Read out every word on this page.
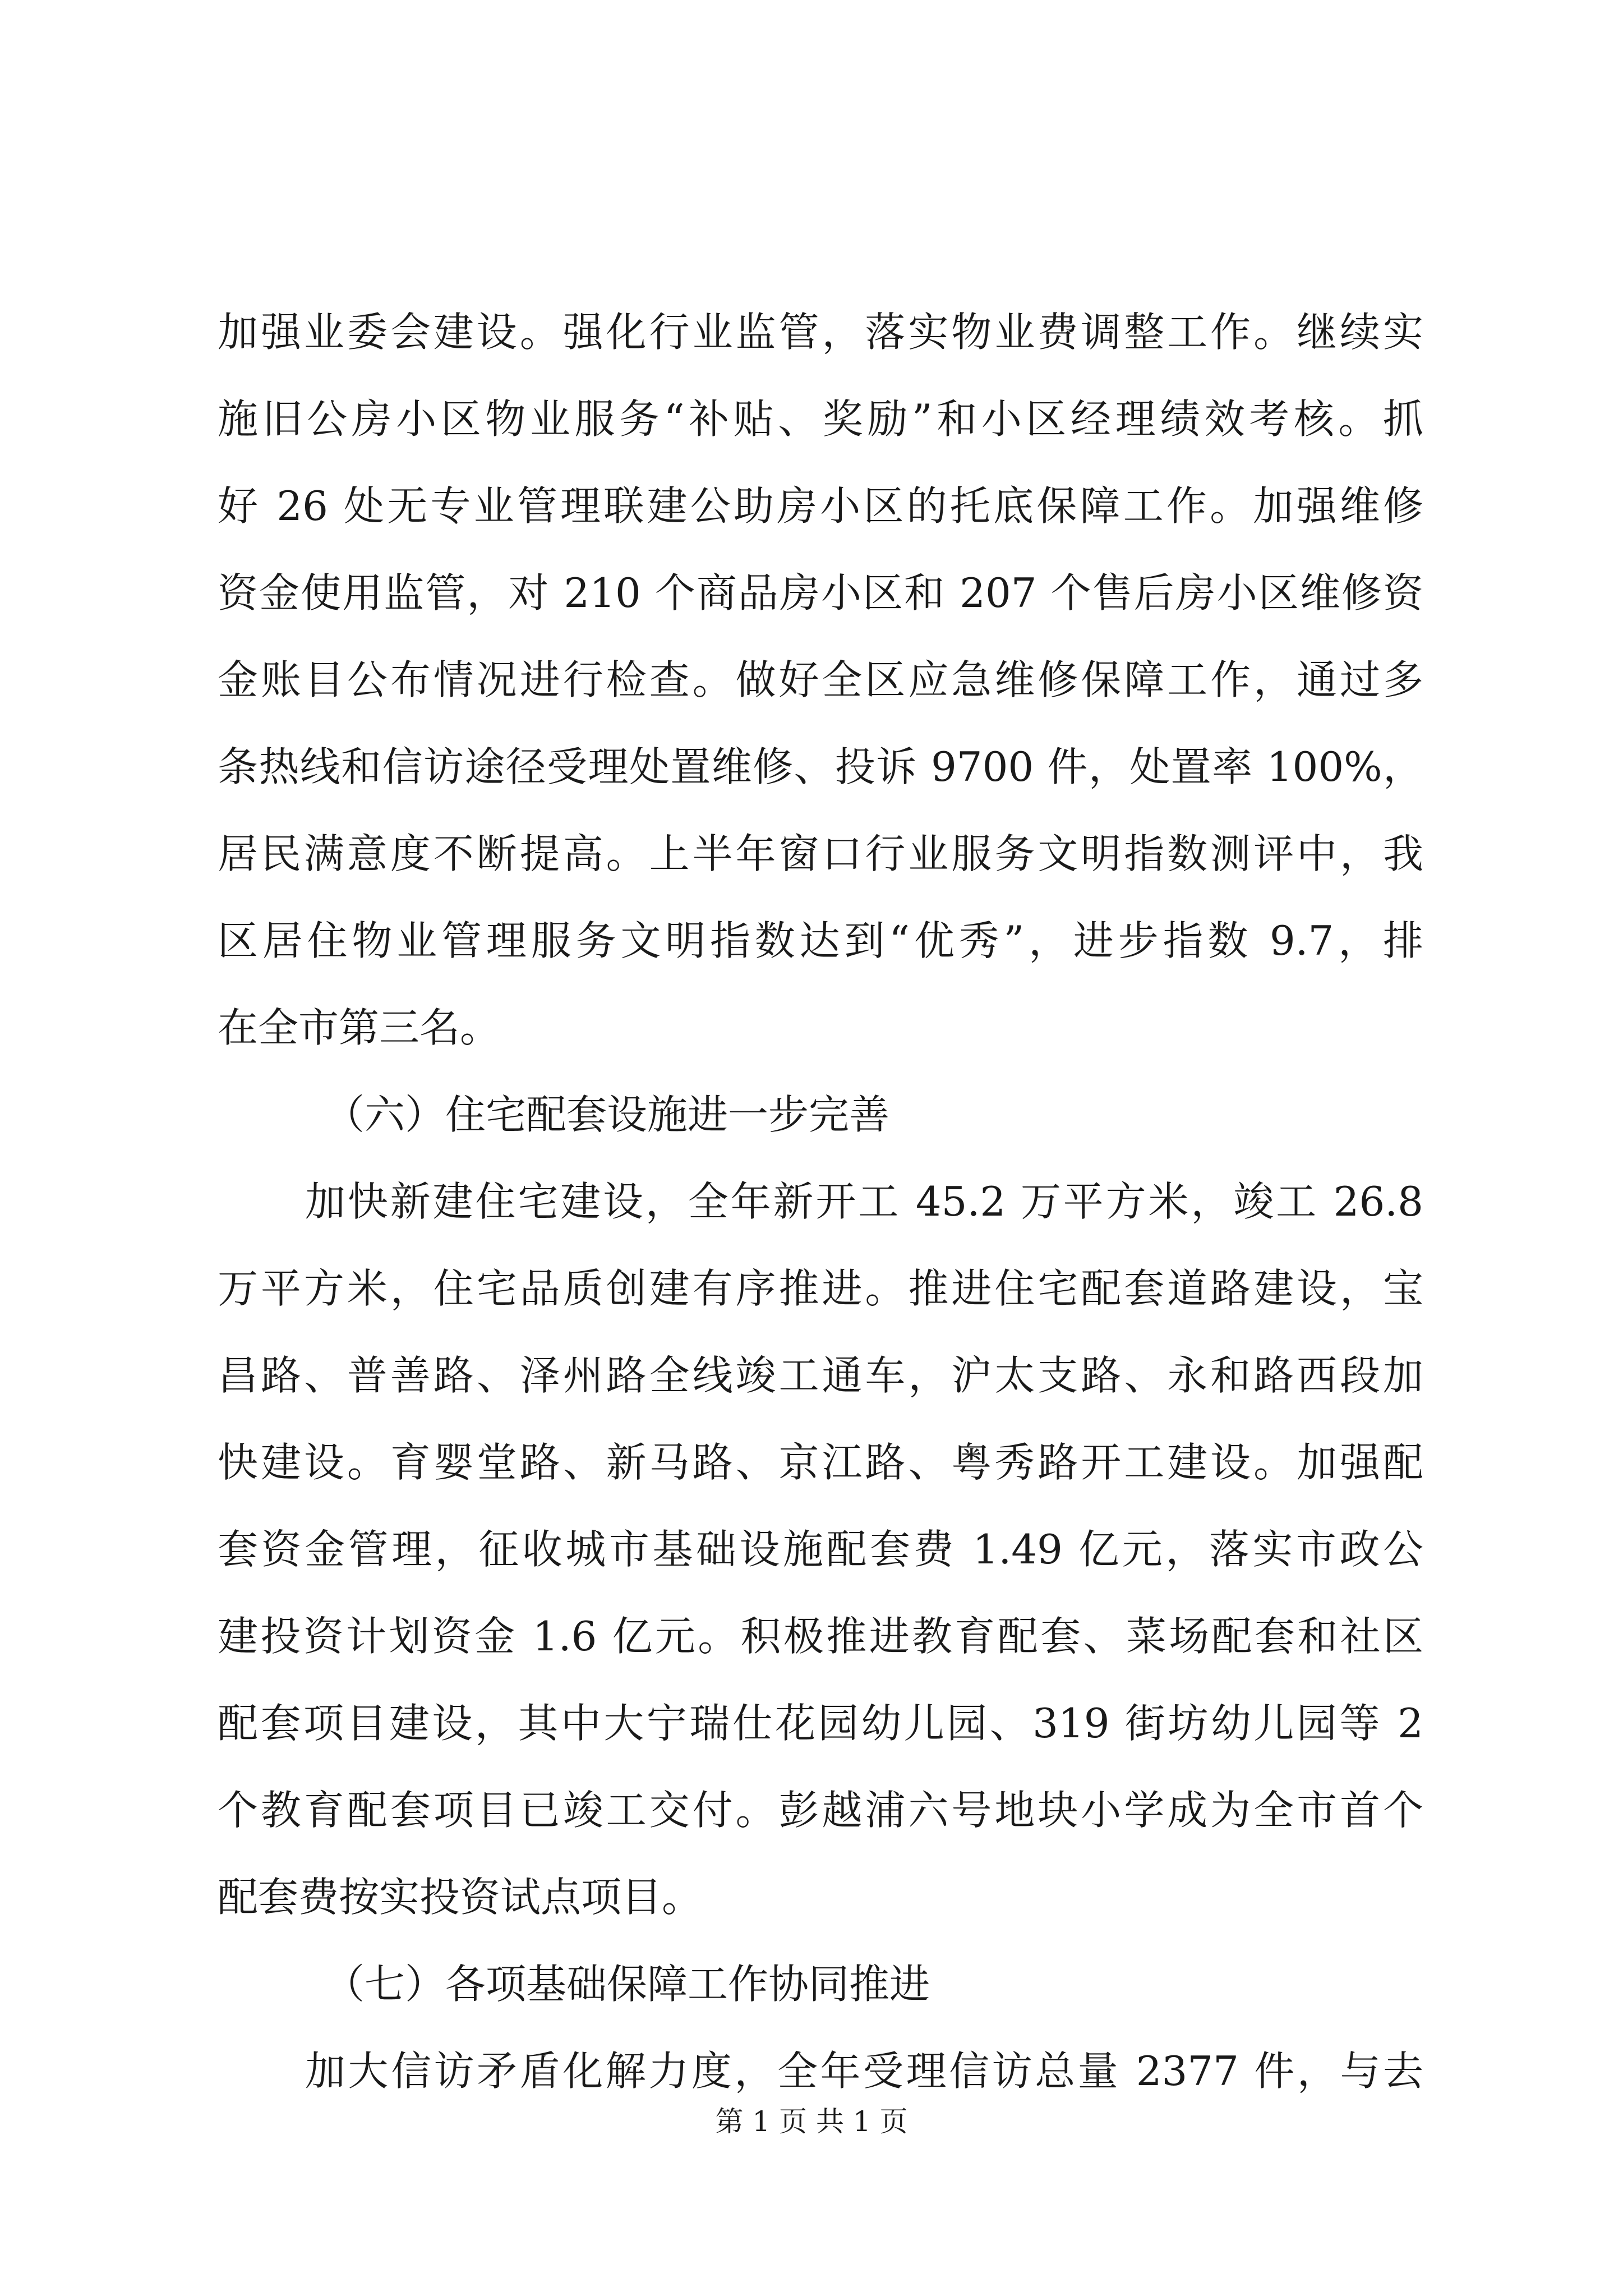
加强业委会建设。强化行业监管，落实物业费调整工作。继续实
施旧公房小区物业服务“补贴、奖励”和小区经理绩效考核。抓
好 26 处无专业管理联建公助房小区的托底保障工作。加强维修
资金使用监管，对 210 个商品房小区和 207 个售后房小区维修资
金账目公布情况进行检查。做好全区应急维修保障工作，通过多
条热线和信访途径受理处置维修、投诉 9700 件，处置率 100%，
居民满意度不断提高。上半年窗口行业服务文明指数测评中，我
区居住物业管理服务文明指数达到“优秀”，进步指数 9.7，排
在全市第三名。
（六）住宅配套设施进一步完善
加快新建住宅建设，全年新开工 45.2 万平方米，竣工 26.8
万平方米，住宅品质创建有序推进。推进住宅配套道路建设，宝
昌路、普善路、泽州路全线竣工通车，沪太支路、永和路西段加
快建设。育婴堂路、新马路、京江路、粤秀路开工建设。加强配
套资金管理，征收城市基础设施配套费 1.49 亿元，落实市政公
建投资计划资金 1.6 亿元。积极推进教育配套、菜场配套和社区
配套项目建设，其中大宁瑞仕花园幼儿园、319 街坊幼儿园等 2
个教育配套项目已竣工交付。彭越浦六号地块小学成为全市首个
配套费按实投资试点项目。
（七）各项基础保障工作协同推进
加大信访矛盾化解力度，全年受理信访总量 2377 件，与去
第 1 页 共 1 页
